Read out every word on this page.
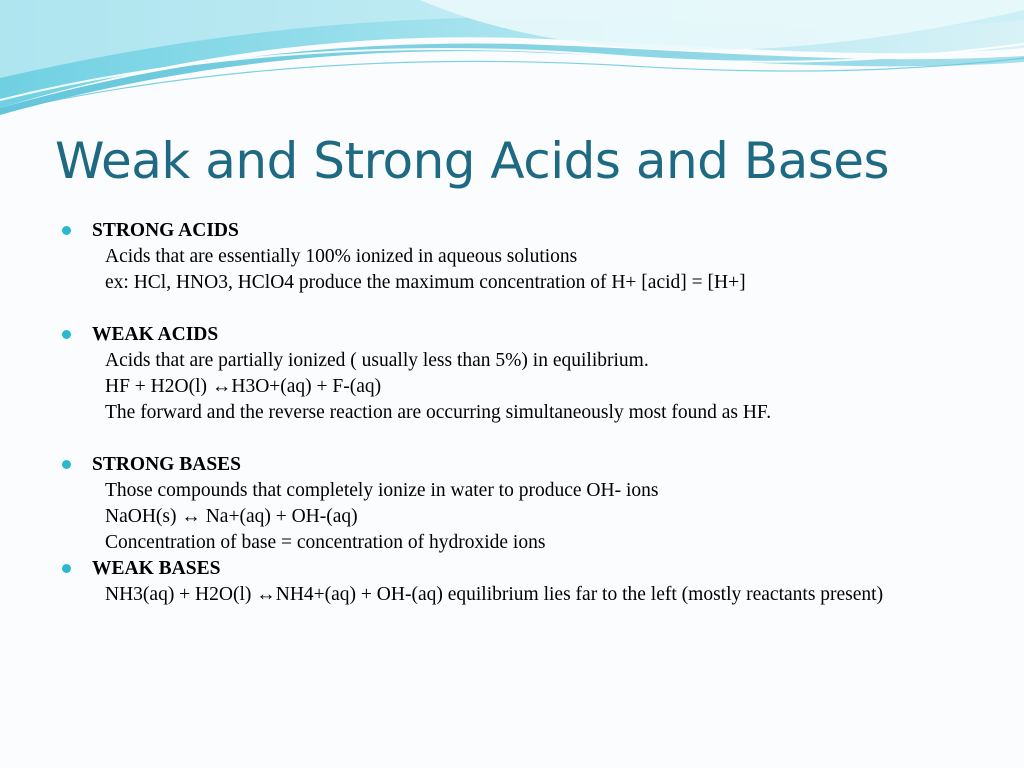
Weak and Strong Acids and Bases
STRONG ACIDS
Acids that are essentially 100% ionized in aqueous solutions
ex: HCl, HNO3, HClO4 produce the maximum concentration of H+ [acid] = [H+]
WEAK ACIDS
Acids that are partially ionized ( usually less than 5%) in equilibrium.
HF + H2O(l) ↔H3O+(aq) + F-(aq)
The forward and the reverse reaction are occurring simultaneously most found as HF.
STRONG BASES
Those compounds that completely ionize in water to produce OH- ions
NaOH(s) ↔ Na+(aq) + OH-(aq)
Concentration of base = concentration of hydroxide ions
WEAK BASES
NH3(aq) + H2O(l) ↔NH4+(aq) + OH-(aq) equilibrium lies far to the left (mostly reactants present)
